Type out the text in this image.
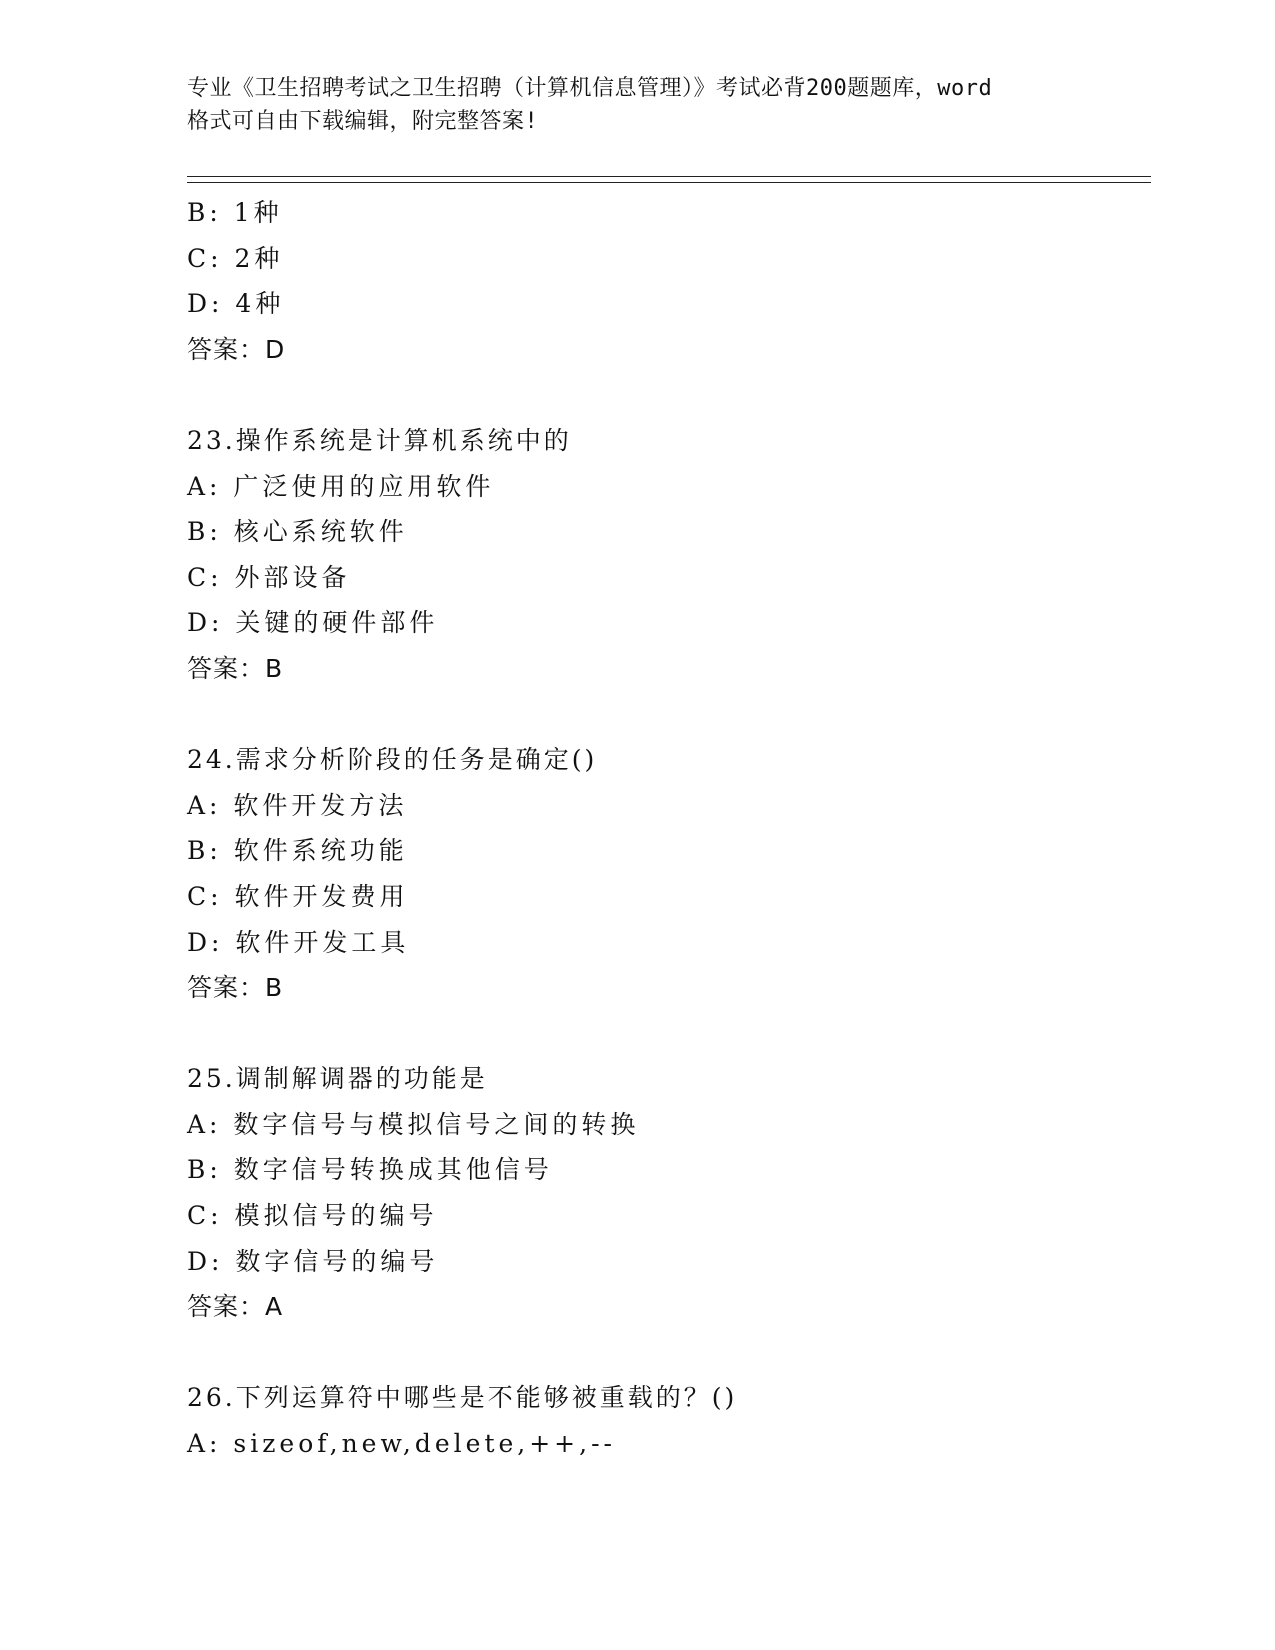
专业《卫生招聘考试之卫生招聘（计算机信息管理）》考试必背200题题库，word
格式可自由下载编辑，附完整答案!
B: 1种
C: 2种
D: 4种
答案：D
23.操作系统是计算机系统中的
A: 广泛使用的应用软件
B: 核心系统软件
C: 外部设备
D: 关键的硬件部件
答案：B
24.需求分析阶段的任务是确定()
A: 软件开发方法
B: 软件系统功能
C: 软件开发费用
D: 软件开发工具
答案：B
25.调制解调器的功能是
A: 数字信号与模拟信号之间的转换
B: 数字信号转换成其他信号
C: 模拟信号的编号
D: 数字信号的编号
答案：A
26.下列运算符中哪些是不能够被重载的？()
A: sizeof,new,delete,++,--
